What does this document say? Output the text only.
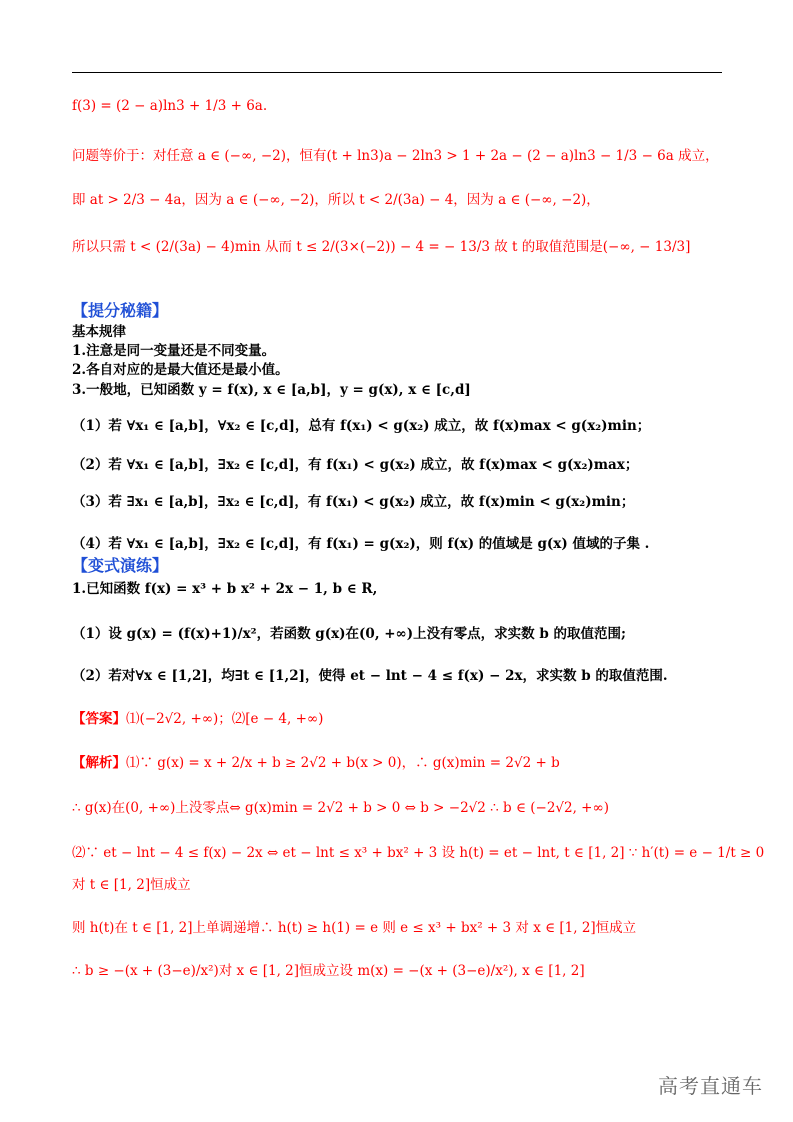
f(3) = (2 − a)ln3 + 1/3 + 6a.
问题等价于：对任意 a ∈ (−∞, −2)，恒有(t + ln3)a − 2ln3 > 1 + 2a − (2 − a)ln3 − 1/3 − 6a 成立，
即 at > 2/3 − 4a，因为 a ∈ (−∞, −2)，所以 t < 2/(3a) − 4，因为 a ∈ (−∞, −2)，
所以只需 t < (2/(3a) − 4)min 从而 t ≤ 2/(3×(−2)) − 4 = − 13/3 故 t 的取值范围是(−∞, − 13/3]
【提分秘籍】
基本规律
1.注意是同一变量还是不同变量。
2.各自对应的是最大值还是最小值。
3.一般地，已知函数 y = f(x), x ∈ [a,b]，y = g(x), x ∈ [c,d]
（1）若 ∀x₁ ∈ [a,b]，∀x₂ ∈ [c,d]，总有 f(x₁) < g(x₂) 成立，故 f(x)max < g(x₂)min；
（2）若 ∀x₁ ∈ [a,b]，∃x₂ ∈ [c,d]，有 f(x₁) < g(x₂) 成立，故 f(x)max < g(x₂)max；
（3）若 ∃x₁ ∈ [a,b]，∃x₂ ∈ [c,d]，有 f(x₁) < g(x₂) 成立，故 f(x)min < g(x₂)min；
（4）若 ∀x₁ ∈ [a,b]，∃x₂ ∈ [c,d]，有 f(x₁) = g(x₂)，则 f(x) 的值域是 g(x) 值域的子集 .
【变式演练】
1.已知函数 f(x) = x³ + b x² + 2x − 1, b ∈ R,
（1）设 g(x) = (f(x)+1)/x²，若函数 g(x)在(0, +∞)上没有零点，求实数 b 的取值范围;
（2）若对∀x ∈ [1,2]，均∃t ∈ [1,2]，使得 et − lnt − 4 ≤ f(x) − 2x，求实数 b 的取值范围.
【答案】⑴(−2√2, +∞)；⑵[e − 4, +∞)
【解析】⑴∵ g(x) = x + 2/x + b ≥ 2√2 + b(x > 0)，∴ g(x)min = 2√2 + b
∴ g(x)在(0, +∞)上没零点⇔ g(x)min = 2√2 + b > 0 ⇔ b > −2√2 ∴ b ∈ (−2√2, +∞)
⑵∵ et − lnt − 4 ≤ f(x) − 2x ⇔ et − lnt ≤ x³ + bx² + 3 设 h(t) = et − lnt, t ∈ [1, 2] ∵ h′(t) = e − 1/t ≥ 0
对 t ∈ [1, 2]恒成立
则 h(t)在 t ∈ [1, 2]上单调递增∴ h(t) ≥ h(1) = e 则 e ≤ x³ + bx² + 3 对 x ∈ [1, 2]恒成立
∴ b ≥ −(x + (3−e)/x²)对 x ∈ [1, 2]恒成立设 m(x) = −(x + (3−e)/x²), x ∈ [1, 2]
高考直通车
